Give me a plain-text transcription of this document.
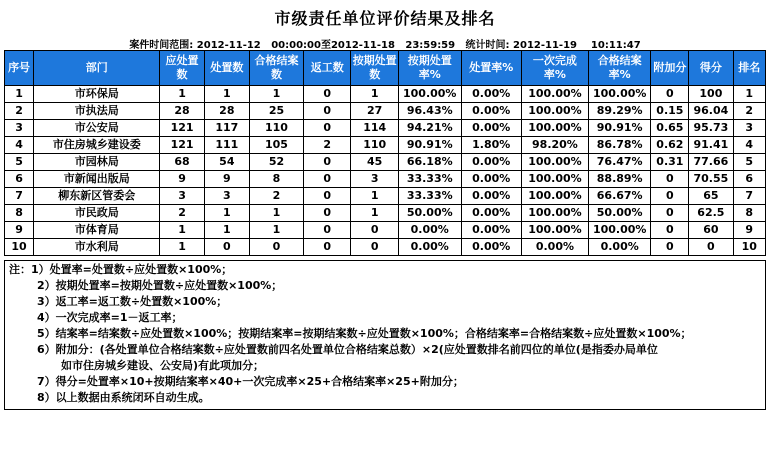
市级责任单位评价结果及排名
案件时间范围: 2012-11-12   00:00:00至2012-11-18   23:59:59   统计时间: 2012-11-19    10:11:47
序号	部门	应处置数	处置数	合格结案数	返工数	按期处置数	按期处置率%	处置率%	一次完成率%	合格结案率%	附加分	得分	排名
1	市环保局	1	1	1	0	1	100.00%	0.00%	100.00%	100.00%	0	100	1
2	市执法局	28	28	25	0	27	96.43%	0.00%	100.00%	89.29%	0.15	96.04	2
3	市公安局	121	117	110	0	114	94.21%	0.00%	100.00%	90.91%	0.65	95.73	3
4	市住房城乡建设委	121	111	105	2	110	90.91%	1.80%	98.20%	86.78%	0.62	91.41	4
5	市园林局	68	54	52	0	45	66.18%	0.00%	100.00%	76.47%	0.31	77.66	5
6	市新闻出版局	9	9	8	0	3	33.33%	0.00%	100.00%	88.89%	0	70.55	6
7	柳东新区管委会	3	3	2	0	1	33.33%	0.00%	100.00%	66.67%	0	65	7
8	市民政局	2	1	1	0	1	50.00%	0.00%	100.00%	50.00%	0	62.5	8
9	市体育局	1	1	1	0	0	0.00%	0.00%	100.00%	100.00%	0	60	9
10	市水利局	1	0	0	0	0	0.00%	0.00%	0.00%	0.00%	0	0	10
注：1）处置率=处置数÷应处置数×100%；
2）按期处置率=按期处置数÷应处置数×100%；
3）返工率=返工数÷处置数×100%；
4）一次完成率=1－返工率；
5）结案率=结案数÷应处置数×100%；按期结案率=按期结案数÷应处置数×100%；合格结案率=合格结案数÷应处置数×100%；
6）附加分：(各处置单位合格结案数÷应处置数前四名处置单位合格结案总数）×2(应处置数排名前四位的单位(是指委办局单位
如市住房城乡建设、公安局)有此项加分；
7）得分=处置率×10+按期结案率×40+一次完成率×25+合格结案率×25+附加分；
8）以上数据由系统闭环自动生成。
